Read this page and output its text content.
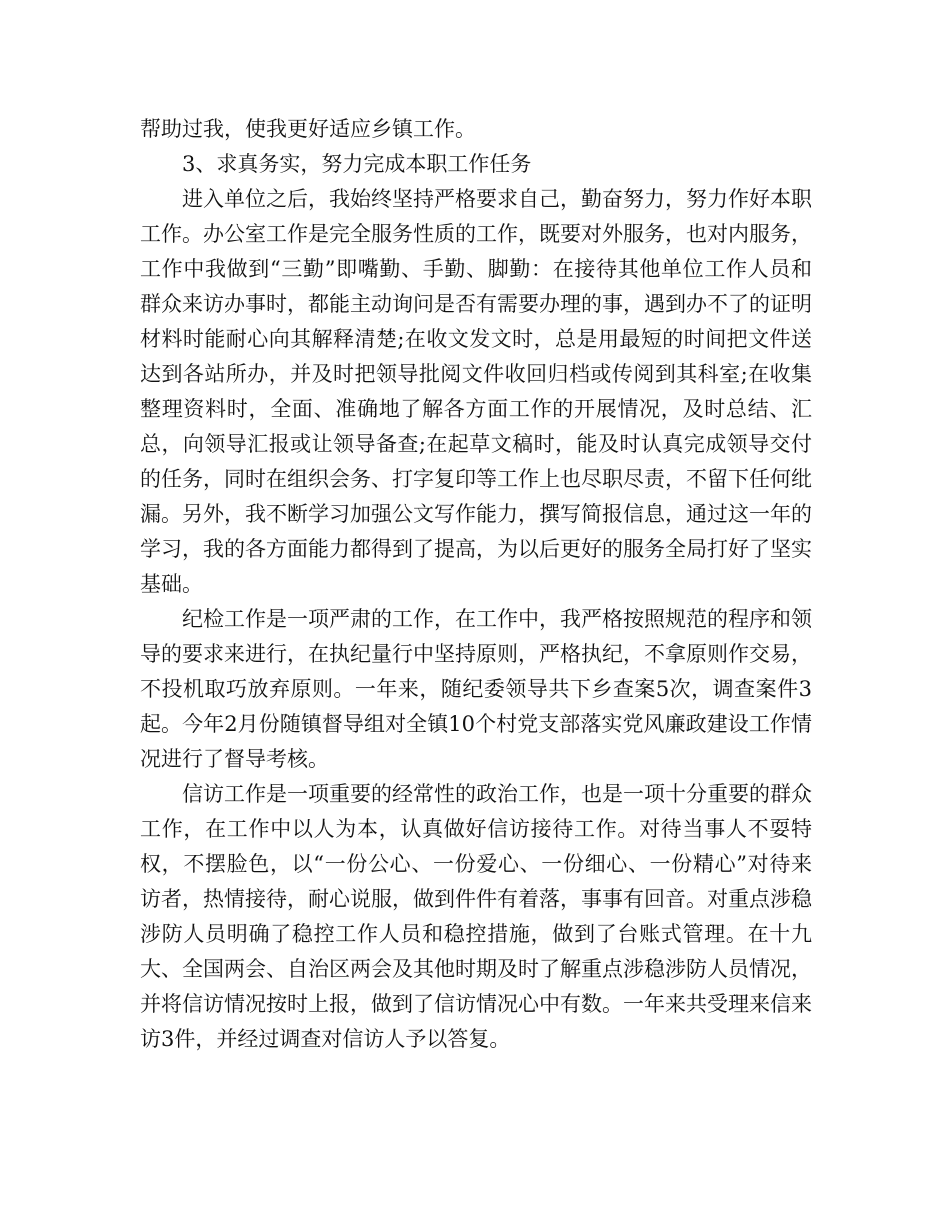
帮助过我，使我更好适应乡镇工作。

3、求真务实，努力完成本职工作任务

进入单位之后，我始终坚持严格要求自己，勤奋努力，努力作好本职工作。办公室工作是完全服务性质的工作，既要对外服务，也对内服务，工作中我做到“三勤”即嘴勤、手勤、脚勤：在接待其他单位工作人员和群众来访办事时，都能主动询问是否有需要办理的事，遇到办不了的证明材料时能耐心向其解释清楚;在收文发文时，总是用最短的时间把文件送达到各站所办，并及时把领导批阅文件收回归档或传阅到其科室;在收集整理资料时，全面、准确地了解各方面工作的开展情况，及时总结、汇总，向领导汇报或让领导备查;在起草文稿时，能及时认真完成领导交付的任务，同时在组织会务、打字复印等工作上也尽职尽责，不留下任何纰漏。另外，我不断学习加强公文写作能力，撰写简报信息，通过这一年的学习，我的各方面能力都得到了提高，为以后更好的服务全局打好了坚实基础。

纪检工作是一项严肃的工作，在工作中，我严格按照规范的程序和领导的要求来进行，在执纪量行中坚持原则，严格执纪，不拿原则作交易，不投机取巧放弃原则。一年来，随纪委领导共下乡查案5次，调查案件3起。今年2月份随镇督导组对全镇10个村党支部落实党风廉政建设工作情况进行了督导考核。

信访工作是一项重要的经常性的政治工作，也是一项十分重要的群众工作，在工作中以人为本，认真做好信访接待工作。对待当事人不耍特权，不摆脸色，以“一份公心、一份爱心、一份细心、一份精心”对待来访者，热情接待，耐心说服，做到件件有着落，事事有回音。对重点涉稳涉防人员明确了稳控工作人员和稳控措施，做到了台账式管理。在十九大、全国两会、自治区两会及其他时期及时了解重点涉稳涉防人员情况，并将信访情况按时上报，做到了信访情况心中有数。一年来共受理来信来访3件，并经过调查对信访人予以答复。
